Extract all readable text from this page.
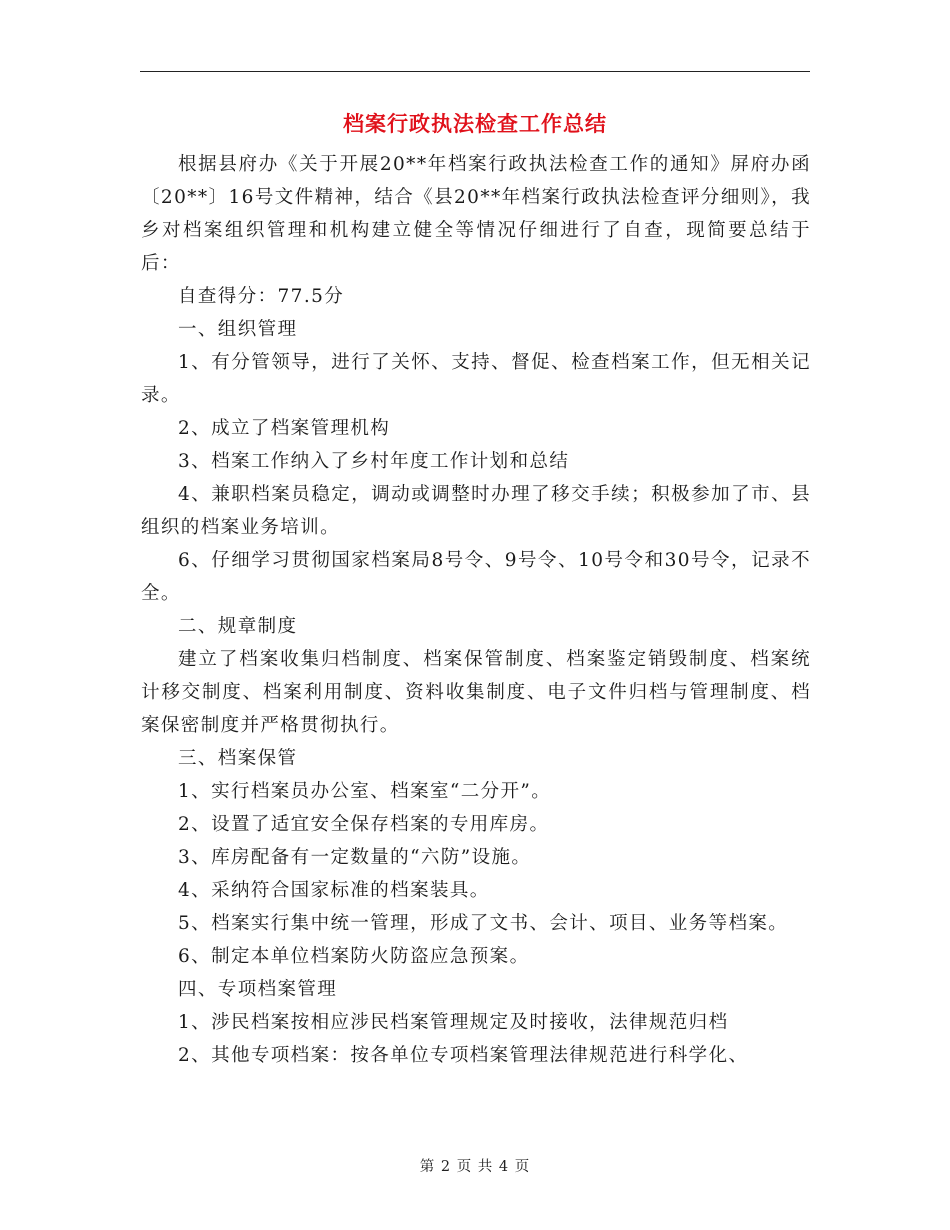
档案行政执法检查工作总结

根据县府办《关于开展20**年档案行政执法检查工作的通知》屏府办函〔20**〕16号文件精神，结合《县20**年档案行政执法检查评分细则》，我乡对档案组织管理和机构建立健全等情况仔细进行了自查，现简要总结于后：

自查得分：77.5分

一、组织管理

1、有分管领导，进行了关怀、支持、督促、检查档案工作，但无相关记录。

2、成立了档案管理机构

3、档案工作纳入了乡村年度工作计划和总结

4、兼职档案员稳定，调动或调整时办理了移交手续；积极参加了市、县组织的档案业务培训。

6、仔细学习贯彻国家档案局8号令、9号令、10号令和30号令，记录不全。

二、规章制度

建立了档案收集归档制度、档案保管制度、档案鉴定销毁制度、档案统计移交制度、档案利用制度、资料收集制度、电子文件归档与管理制度、档案保密制度并严格贯彻执行。

三、档案保管

1、实行档案员办公室、档案室“二分开”。

2、设置了适宜安全保存档案的专用库房。

3、库房配备有一定数量的“六防”设施。

4、采纳符合国家标准的档案装具。

5、档案实行集中统一管理，形成了文书、会计、项目、业务等档案。

6、制定本单位档案防火防盗应急预案。

四、专项档案管理

1、涉民档案按相应涉民档案管理规定及时接收，法律规范归档

2、其他专项档案：按各单位专项档案管理法律规范进行科学化、

第 2 页 共 4 页
